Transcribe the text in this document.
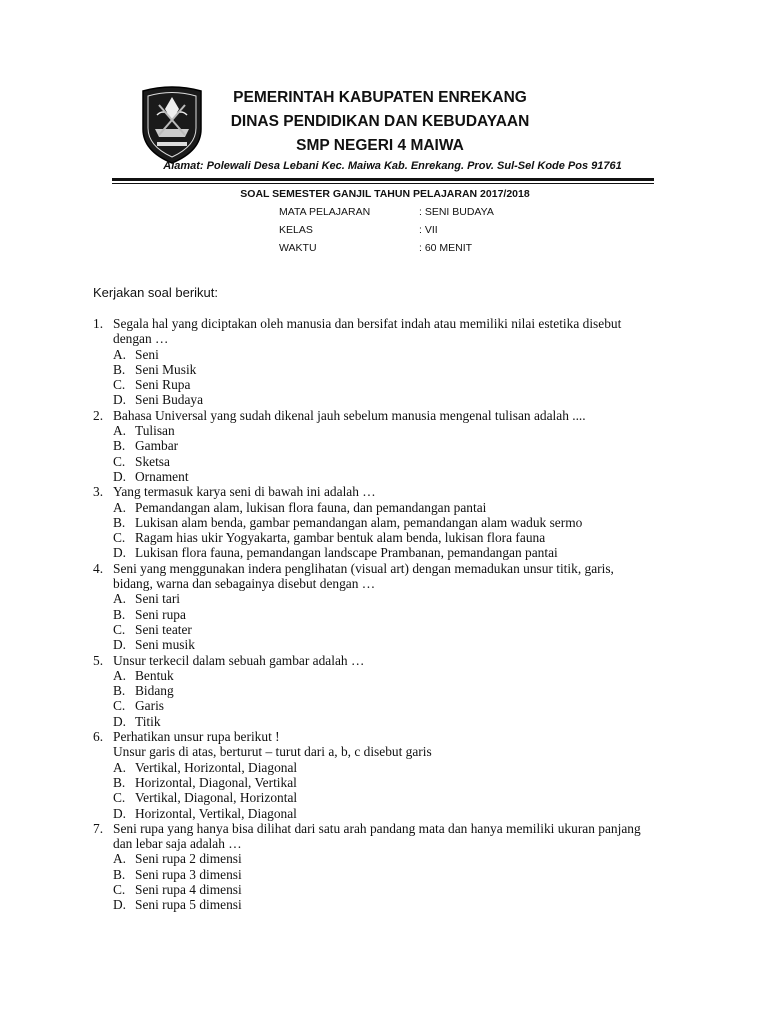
PEMERINTAH KABUPATEN ENREKANG
DINAS PENDIDIKAN DAN KEBUDAYAAN
SMP NEGERI 4 MAIWA
Alamat: Polewali Desa Lebani Kec. Maiwa Kab. Enrekang. Prov. Sul-Sel Kode Pos 91761
SOAL SEMESTER GANJIL TAHUN PELAJARAN 2017/2018
MATA PELAJARAN	: SENI BUDAYA
KELAS	: VII
WAKTU	: 60 MENIT
Kerjakan soal berikut:
1. Segala hal yang diciptakan oleh manusia dan bersifat indah atau memiliki nilai estetika disebut
dengan …
A. Seni
B. Seni Musik
C. Seni Rupa
D. Seni Budaya
2. Bahasa Universal yang sudah dikenal jauh sebelum manusia mengenal tulisan adalah ....
A. Tulisan
B. Gambar
C. Sketsa
D. Ornament
3. Yang termasuk karya seni di bawah ini adalah …
A. Pemandangan alam, lukisan flora fauna, dan pemandangan pantai
B. Lukisan alam benda, gambar pemandangan alam, pemandangan alam waduk sermo
C. Ragam hias ukir Yogyakarta, gambar bentuk alam benda, lukisan flora fauna
D. Lukisan flora fauna, pemandangan landscape Prambanan, pemandangan pantai
4. Seni yang menggunakan indera penglihatan (visual art) dengan memadukan unsur titik, garis,
bidang, warna dan sebagainya disebut dengan …
A. Seni tari
B. Seni rupa
C. Seni teater
D. Seni musik
5. Unsur terkecil dalam sebuah gambar adalah …
A. Bentuk
B. Bidang
C. Garis
D. Titik
6. Perhatikan unsur rupa berikut !
Unsur garis di atas, berturut – turut dari a, b, c disebut garis
A. Vertikal, Horizontal, Diagonal
B. Horizontal, Diagonal, Vertikal
C. Vertikal, Diagonal, Horizontal
D. Horizontal, Vertikal, Diagonal
7. Seni rupa yang hanya bisa dilihat dari satu arah pandang mata dan hanya memiliki ukuran panjang
dan lebar saja adalah …
A. Seni rupa 2 dimensi
B. Seni rupa 3 dimensi
C. Seni rupa 4 dimensi
D. Seni rupa 5 dimensi
